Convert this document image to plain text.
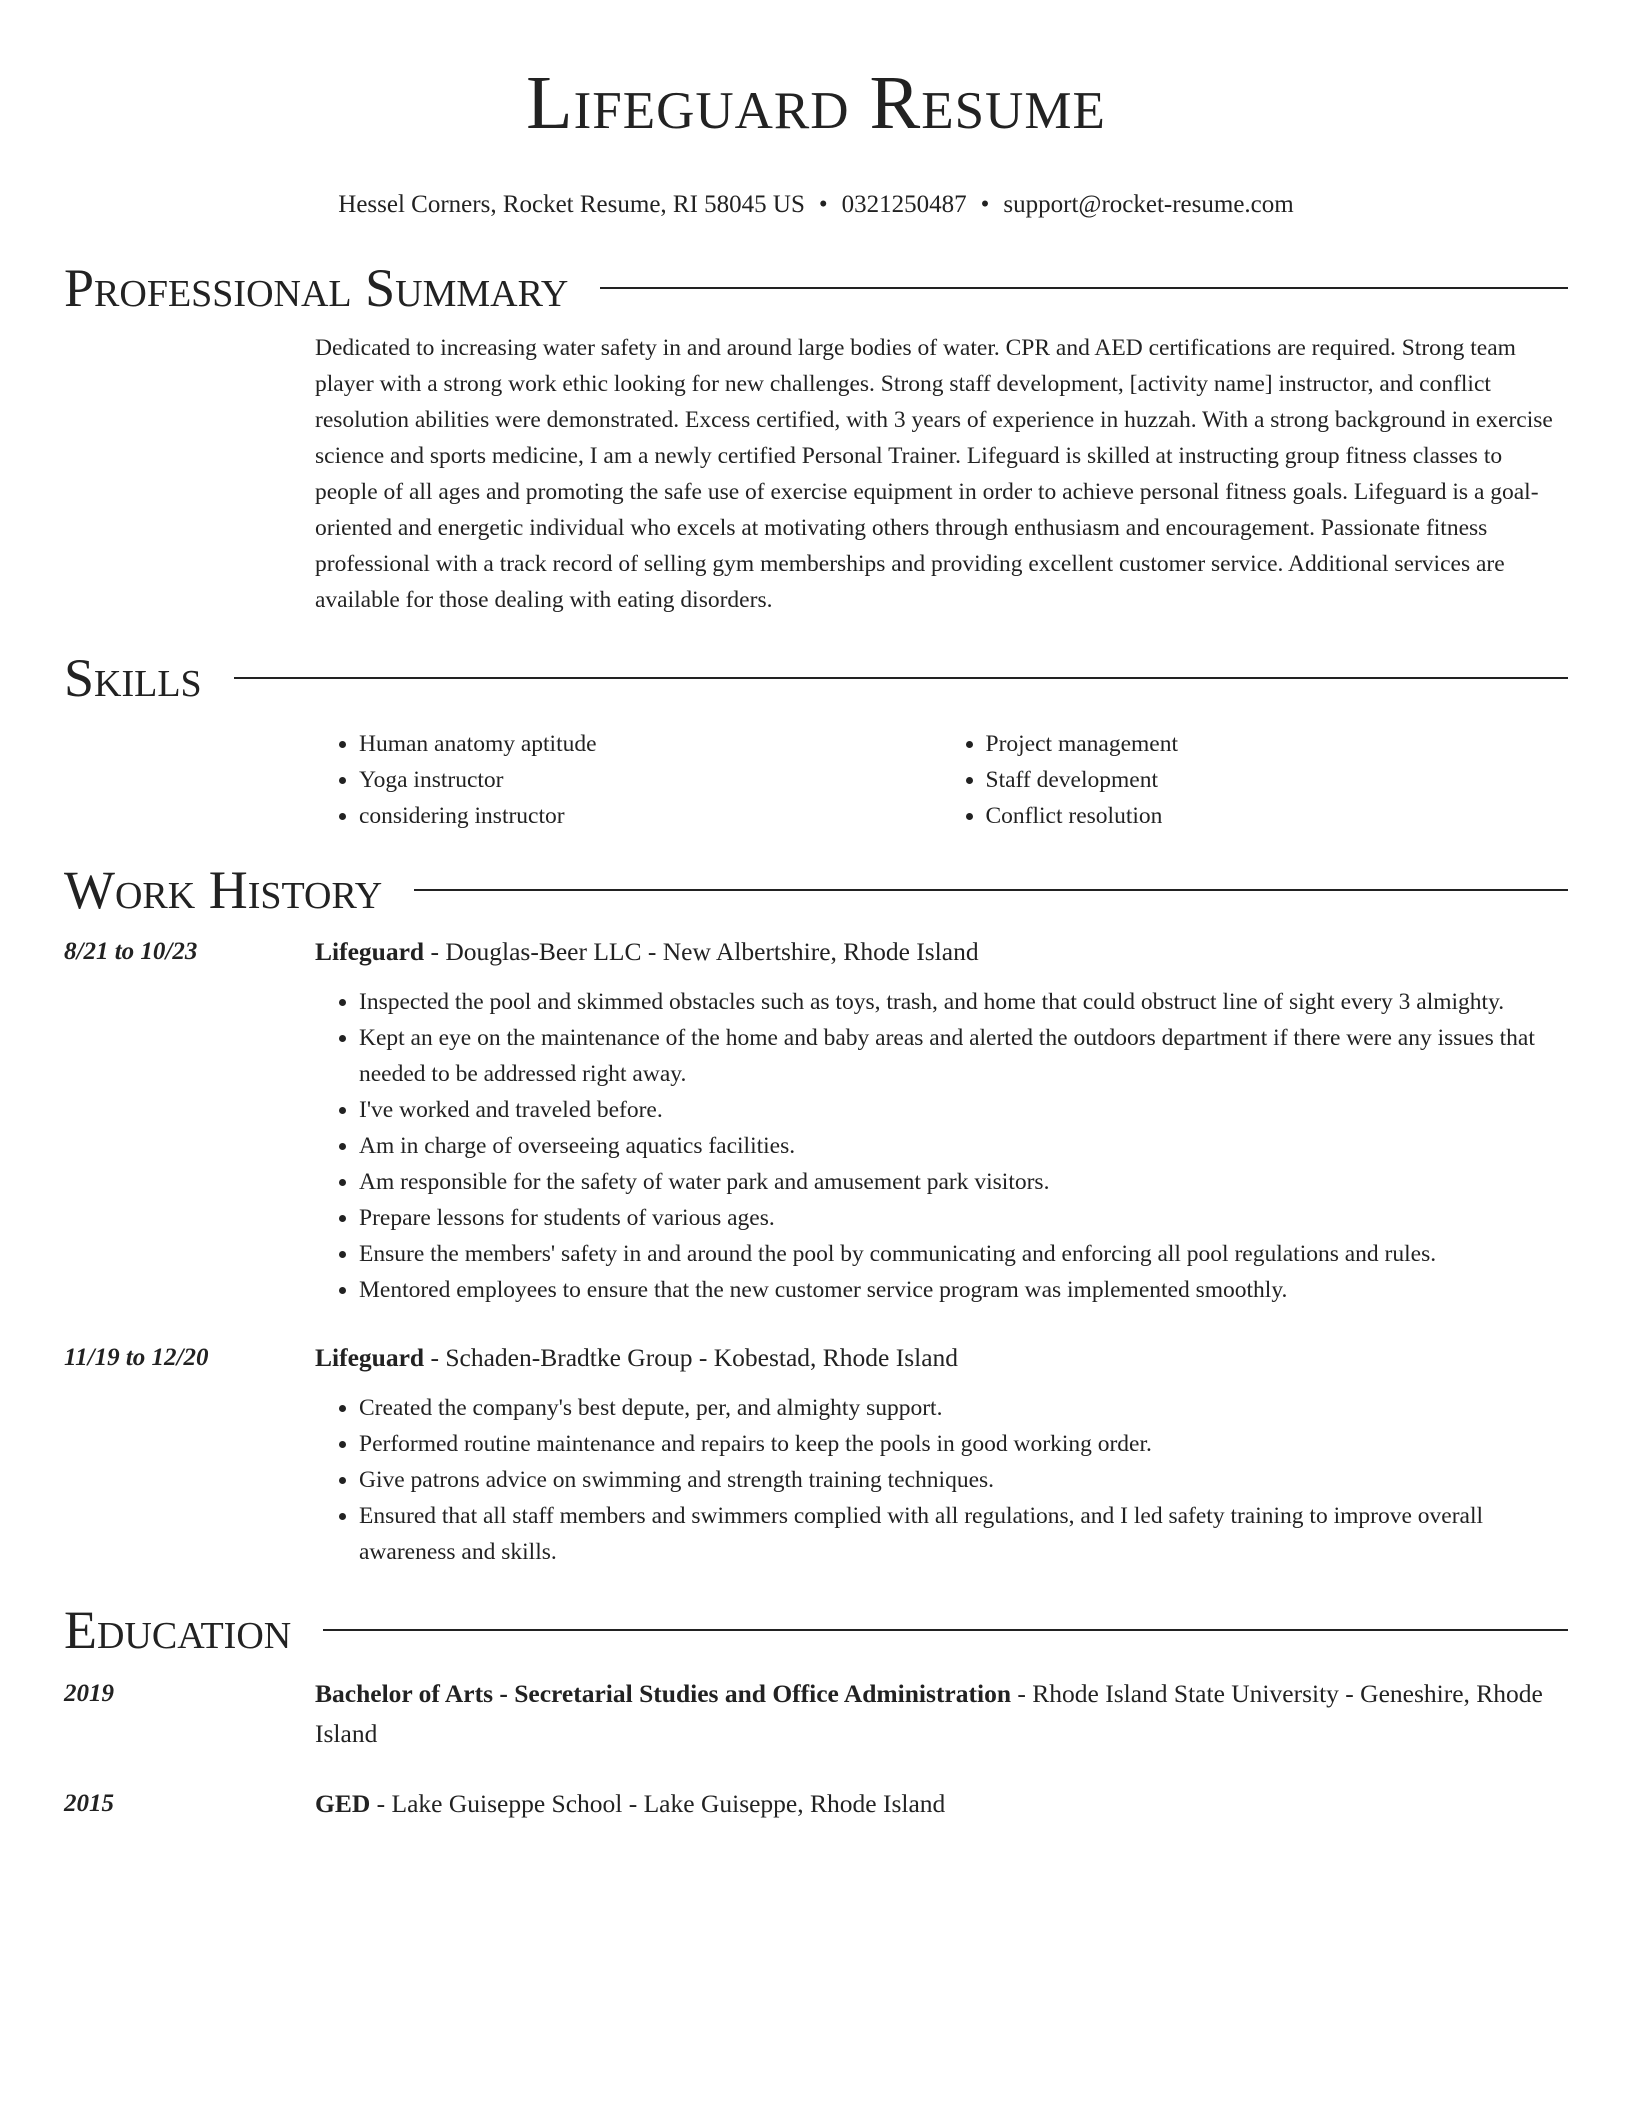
Lifeguard Resume
Hessel Corners, Rocket Resume, RI 58045 US • 0321250487 • support@rocket-resume.com
Professional Summary

Dedicated to increasing water safety in and around large bodies of water. CPR and AED certifications are required. Strong team player with a strong work ethic looking for new challenges. Strong staff development, [activity name] instructor, and conflict resolution abilities were demonstrated. Excess certified, with 3 years of experience in huzzah. With a strong background in exercise science and sports medicine, I am a newly certified Personal Trainer. Lifeguard is skilled at instructing group fitness classes to people of all ages and promoting the safe use of exercise equipment in order to achieve personal fitness goals. Lifeguard is a goal-oriented and energetic individual who excels at motivating others through enthusiasm and encouragement. Passionate fitness professional with a track record of selling gym memberships and providing excellent customer service. Additional services are available for those dealing with eating disorders.

Skills
• Human anatomy aptitude
• Yoga instructor
• considering instructor
• Project management
• Staff development
• Conflict resolution
Work History
8/21 to 10/23	Lifeguard - Douglas-Beer LLC - New Albertshire, Rhode Island
• Inspected the pool and skimmed obstacles such as toys, trash, and home that could obstruct line of sight every 3 almighty.
• Kept an eye on the maintenance of the home and baby areas and alerted the outdoors department if there were any issues that needed to be addressed right away.
• I've worked and traveled before.
• Am in charge of overseeing aquatics facilities.
• Am responsible for the safety of water park and amusement park visitors.
• Prepare lessons for students of various ages.
• Ensure the members' safety in and around the pool by communicating and enforcing all pool regulations and rules.
• Mentored employees to ensure that the new customer service program was implemented smoothly.
11/19 to 12/20	Lifeguard - Schaden-Bradtke Group - Kobestad, Rhode Island
• Created the company's best depute, per, and almighty support.
• Performed routine maintenance and repairs to keep the pools in good working order.
• Give patrons advice on swimming and strength training techniques.
• Ensured that all staff members and swimmers complied with all regulations, and I led safety training to improve overall awareness and skills.
Education
2019	Bachelor of Arts - Secretarial Studies and Office Administration - Rhode Island State University - Geneshire, Rhode Island
2015	GED - Lake Guiseppe School - Lake Guiseppe, Rhode Island
